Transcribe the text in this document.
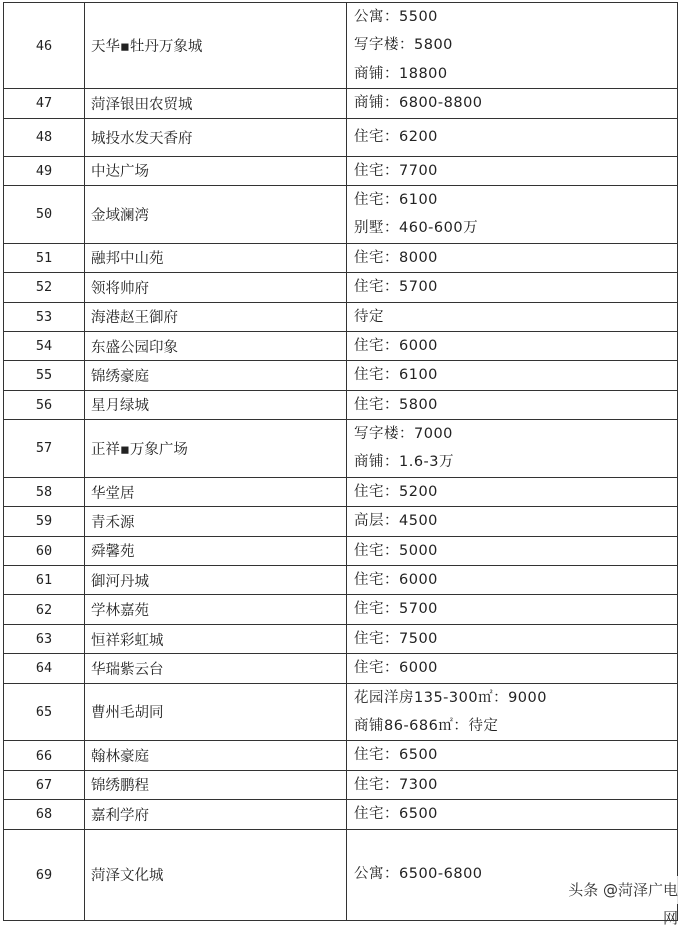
46	天华▪牡丹万象城	公寓：5500
写字楼：5800
商铺：18800

47	菏泽银田农贸城	商铺：6800-8800

48	城投水发天香府	住宅：6200

49	中达广场	住宅：7700

50	金域澜湾	住宅：6100
别墅：460-600万

51	融邦中山苑	住宅：8000

52	领将帅府	住宅：5700

53	海港赵王御府	待定

54	东盛公园印象	住宅：6000

55	锦绣豪庭	住宅：6100

56	星月绿城	住宅：5800

57	正祥▪万象广场	写字楼：7000
商铺：1.6-3万

58	华堂居	住宅：5200

59	青禾源	高层：4500

60	舜馨苑	住宅：5000

61	御河丹城	住宅：6000

62	学林嘉苑	住宅：5700

63	恒祥彩虹城	住宅：7500

64	华瑞紫云台	住宅：6000

65	曹州毛胡同	花园洋房135-300㎡：9000
商铺86-686㎡：待定

66	翰林豪庭	住宅：6500

67	锦绣鹏程	住宅：7300

68	嘉利学府	住宅：6500

69	菏泽文化城	公寓：6500-6800
头条 @菏泽广电网
